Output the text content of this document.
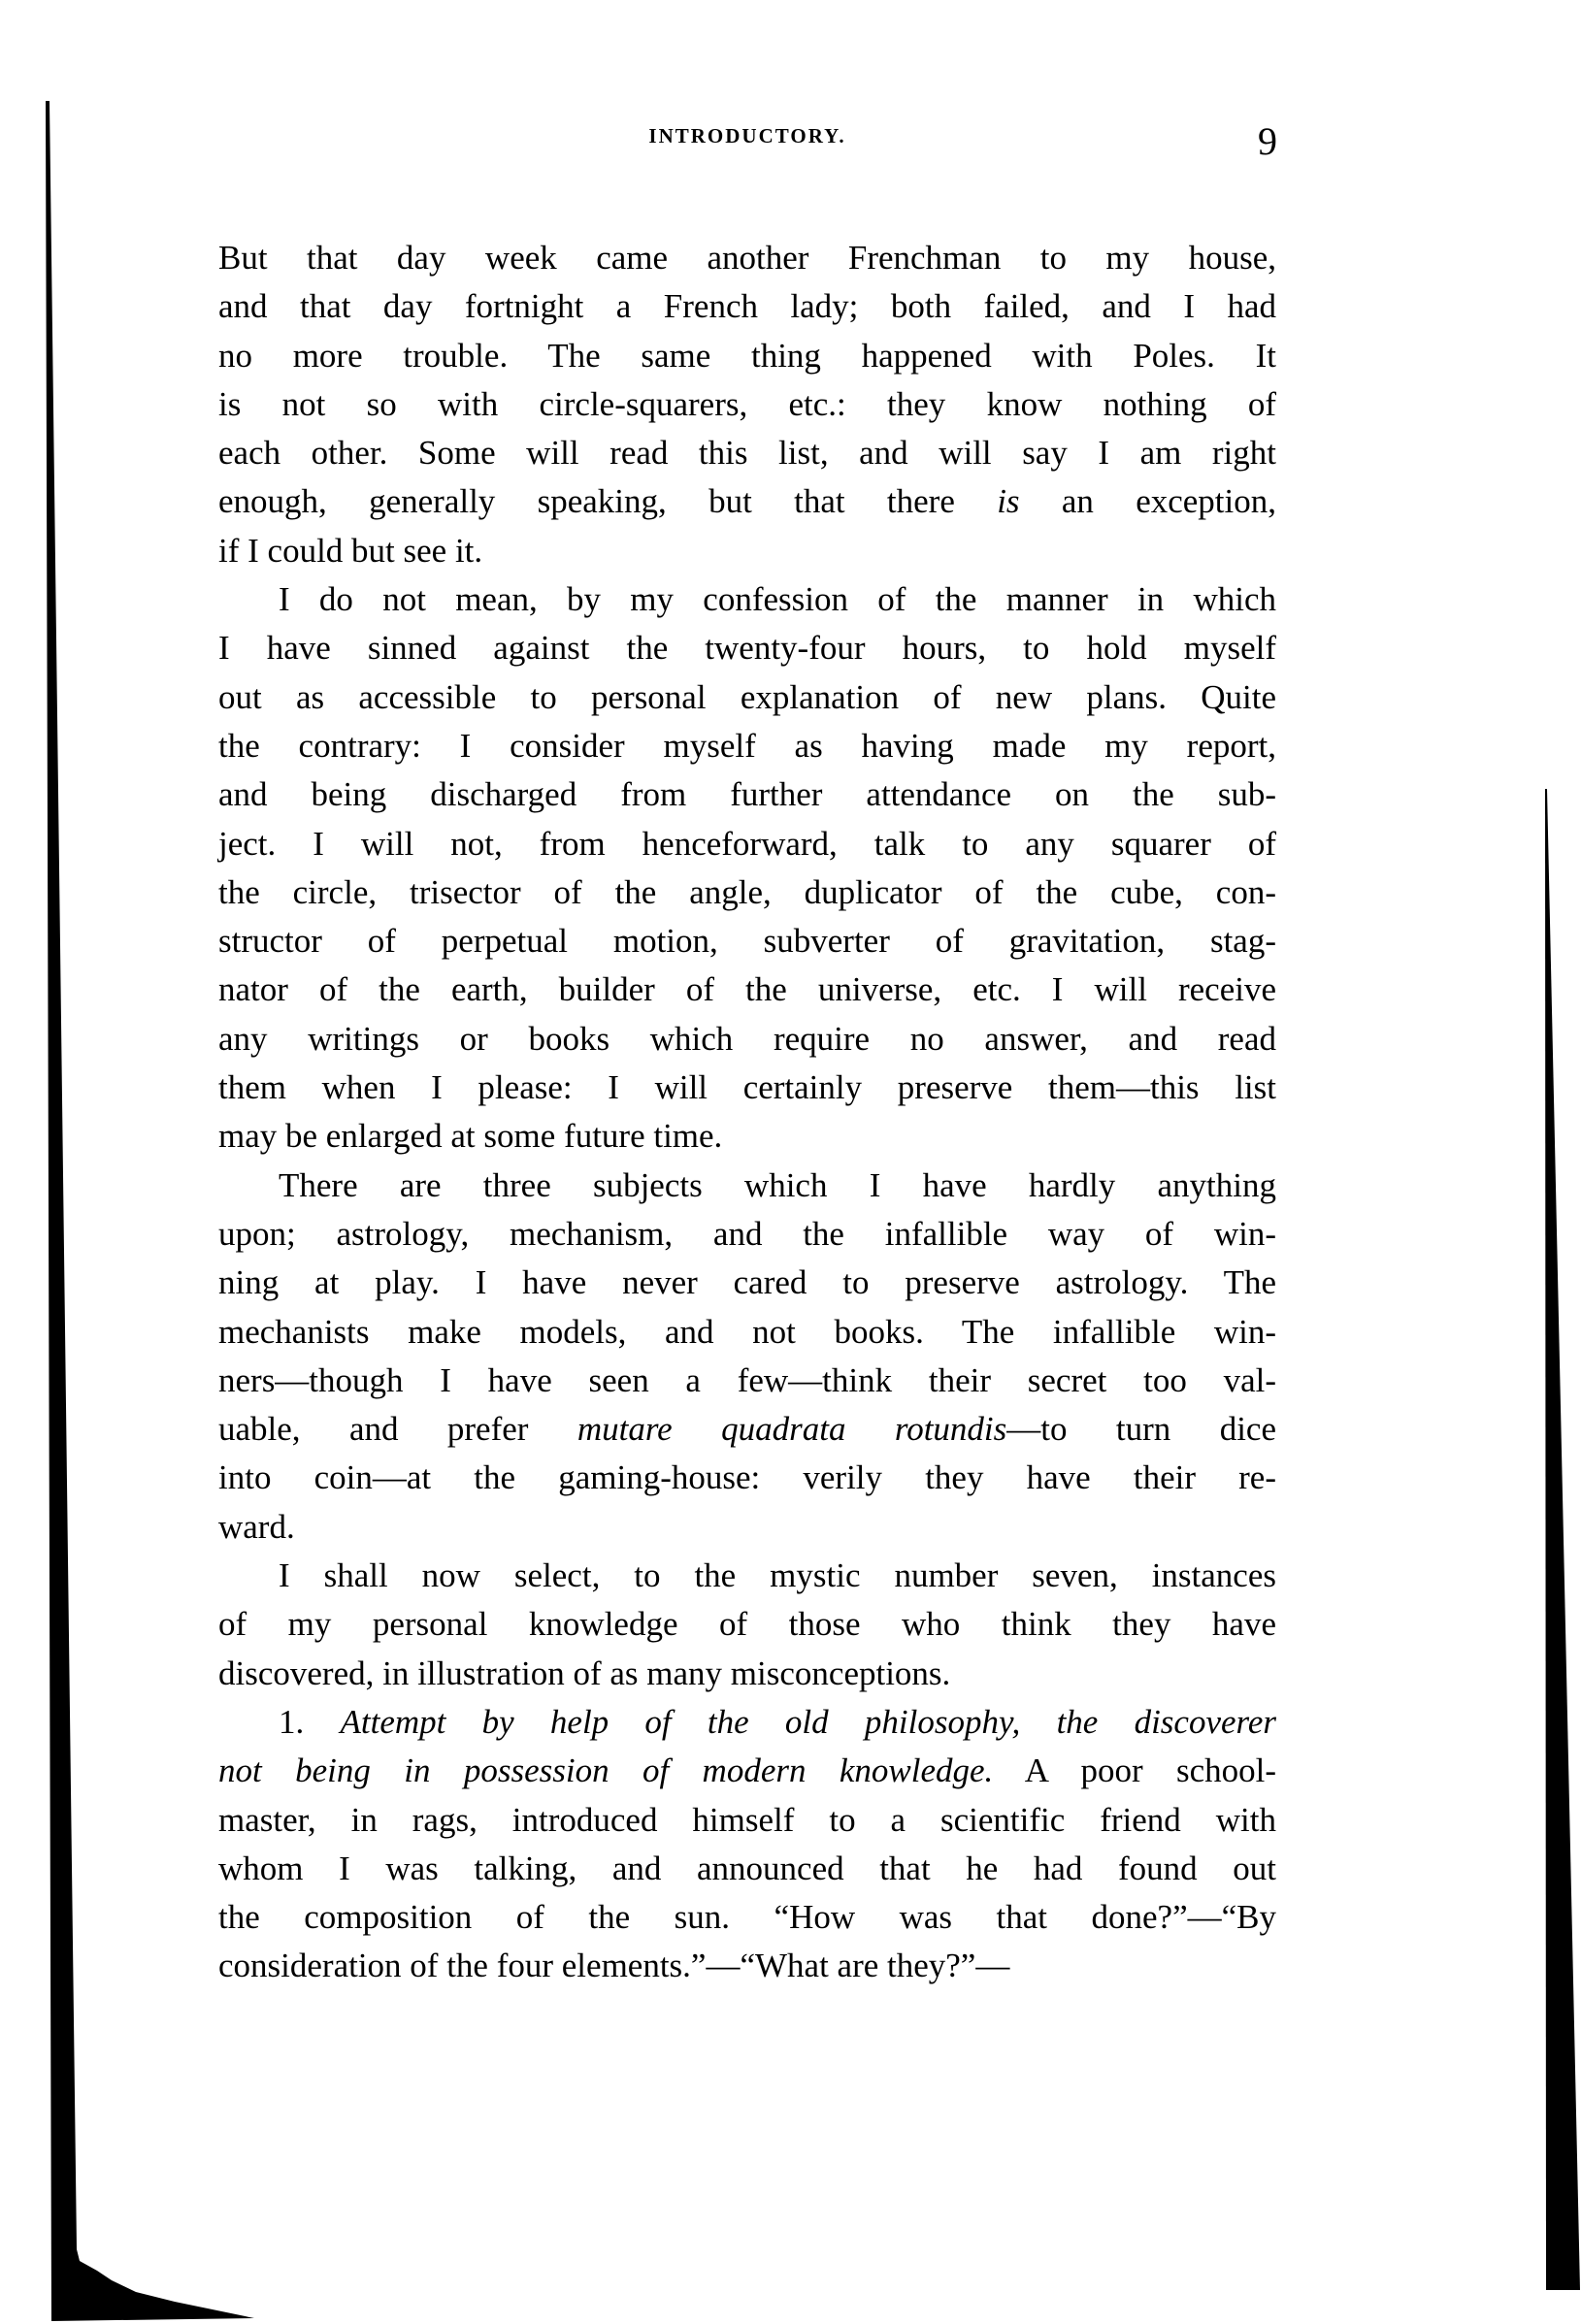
INTRODUCTORY.	9
But that day week came another Frenchman to my house,
and that day fortnight a French lady; both failed, and I had
no more trouble. The same thing happened with Poles. It
is not so with circle-squarers, etc.: they know nothing of
each other. Some will read this list, and will say I am right
enough, generally speaking, but that there is an exception,
if I could but see it.
I do not mean, by my confession of the manner in which
I have sinned against the twenty-four hours, to hold myself
out as accessible to personal explanation of new plans. Quite
the contrary: I consider myself as having made my report,
and being discharged from further attendance on the sub-
ject. I will not, from henceforward, talk to any squarer of
the circle, trisector of the angle, duplicator of the cube, con-
structor of perpetual motion, subverter of gravitation, stag-
nator of the earth, builder of the universe, etc. I will receive
any writings or books which require no answer, and read
them when I please: I will certainly preserve them—this list
may be enlarged at some future time.
There are three subjects which I have hardly anything
upon; astrology, mechanism, and the infallible way of win-
ning at play. I have never cared to preserve astrology. The
mechanists make models, and not books. The infallible win-
ners—though I have seen a few—think their secret too val-
uable, and prefer mutare quadrata rotundis—to turn dice
into coin—at the gaming-house: verily they have their re-
ward.
I shall now select, to the mystic number seven, instances
of my personal knowledge of those who think they have
discovered, in illustration of as many misconceptions.
1. Attempt by help of the old philosophy, the discoverer
not being in possession of modern knowledge. A poor school-
master, in rags, introduced himself to a scientific friend with
whom I was talking, and announced that he had found out
the composition of the sun. “How was that done?”—“By
consideration of the four elements.”—“What are they?”—
